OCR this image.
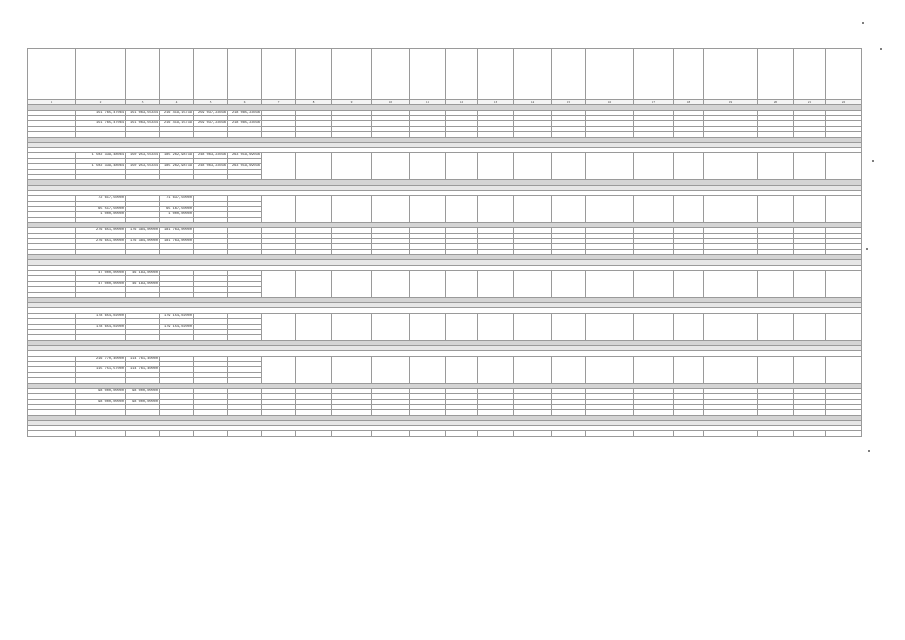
1	2	3	4	5	6	7	8	9	10	11	12	13	14	15	16	17	18	19	20	21	22

	151 765,47064	151 063,55444	216 419,15739	259 037,23036	218 085,23036																

	151 765,47064	151 063,55444	216 419,15739	259 037,23036	218 085,23036																

	1 502 339,48064	150 953,55444	185 262,98739	248 063,23036	263 019,69036																

	1 502 339,48064	150 953,55444	185 262,98739	248 063,23036	263 019,69036																

	72 617,50000		71 637,50000																		

	65 517,50000		65 167,50000																		
	1 000,00000		1 000,00000																		

	276 651,00000	176 384,00000	181 763,00000																		

	276 651,00000	176 384,00000	181 763,00000																		

	47 000,00000	46 183,00000																			

	47 000,00000	46 183,00000																			

	178 654,02000		179 154,02000																		

	178 654,02000		179 154,02000																		

	216 770,40000	114 761,40000																			

	115 751,57000	114 761,40000																			

	98 000,00000	98 000,00000																			

	98 000,00000	98 000,00000																			
